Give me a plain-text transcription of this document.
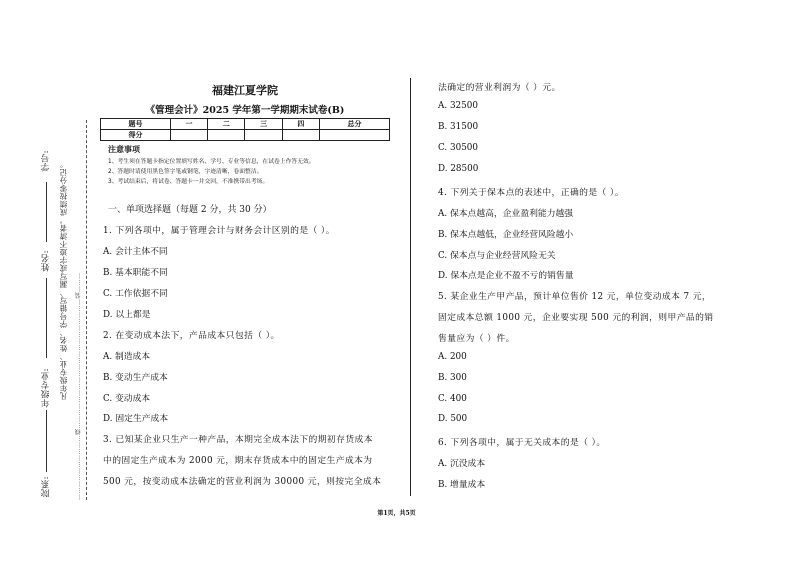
学号:
姓名:
年级专业:
院系:
凡年级专业、姓名、学号错写、漏写或字迹不清者，成绩按零分记。 …………………………线……………………………………………………装………
福建江夏学院
《管理会计》2025 学年第一学期期末试卷(B)
题号	一	二	三	四	总分
得分					
注意事项
1、考生须在答题卡指定位置填写姓名、学号、专业等信息，在试卷上作答无效。
2、答题时请使用黑色签字笔或钢笔，字迹清晰，卷面整洁。
3、考试结束后，将试卷、答题卡一并交回，不准携带出考场。
一、单项选择题（每题 2 分，共 30 分）
1. 下列各项中，属于管理会计与财务会计区别的是（ ）。
A. 会计主体不同
B. 基本职能不同
C. 工作依据不同
D. 以上都是
2. 在变动成本法下，产品成本只包括（ ）。
A. 制造成本
B. 变动生产成本
C. 变动成本
D. 固定生产成本
3. 已知某企业只生产一种产品，本期完全成本法下的期初存货成本
中的固定生产成本为 2000 元，期末存货成本中的固定生产成本为
500 元，按变动成本法确定的营业利润为 30000 元，则按完全成本
法确定的营业利润为（ ）元。
A. 32500
B. 31500
C. 30500
D. 28500
4. 下列关于保本点的表述中，正确的是（ ）。
A. 保本点越高，企业盈利能力越强
B. 保本点越低，企业经营风险越小
C. 保本点与企业经营风险无关
D. 保本点是企业不盈不亏的销售量
5. 某企业生产甲产品，预计单位售价 12 元，单位变动成本 7 元，
固定成本总额 1000 元，企业要实现 500 元的利润，则甲产品的销
售量应为（ ）件。
A. 200
B. 300
C. 400
D. 500
6. 下列各项中，属于无关成本的是（ ）。
A. 沉没成本
B. 增量成本
第1页，共5页
